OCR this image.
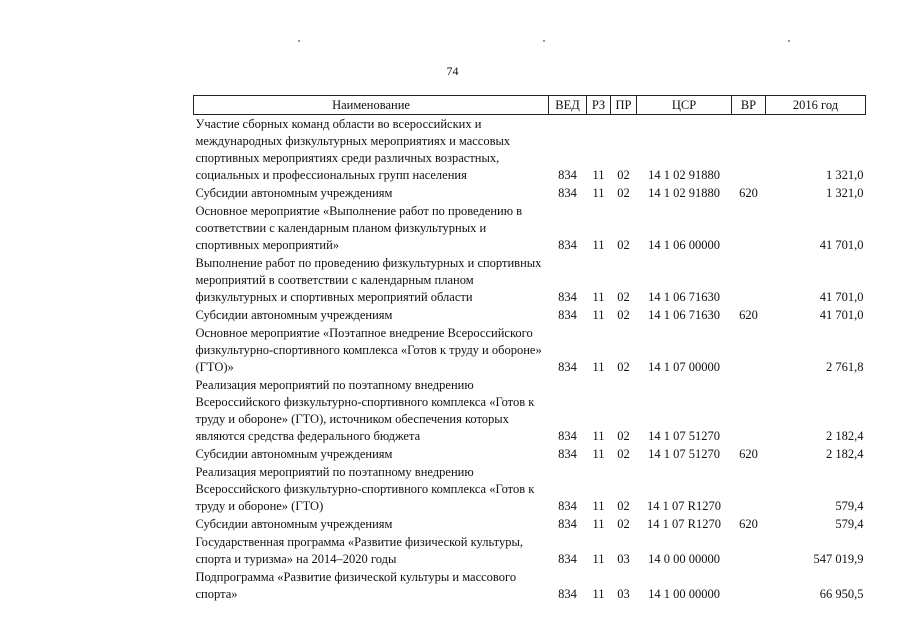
74
Наименование	ВЕД	РЗ	ПР	ЦСР	ВР	2016 год
Участие сборных команд области во всероссийских и международных физкультурных мероприятиях и массовых спортивных мероприятиях среди различных возрастных, социальных и профессиональных групп населения	834	11	02	14 1 02 91880		1 321,0
Субсидии автономным учреждениям	834	11	02	14 1 02 91880	620	1 321,0
Основное мероприятие «Выполнение работ по проведению в соответствии с календарным планом физкультурных и спортивных мероприятий»	834	11	02	14 1 06 00000		41 701,0
Выполнение работ по проведению физкультурных и спортивных мероприятий в соответствии с календарным планом физкультурных и спортивных мероприятий области	834	11	02	14 1 06 71630		41 701,0
Субсидии автономным учреждениям	834	11	02	14 1 06 71630	620	41 701,0
Основное мероприятие «Поэтапное внедрение Всероссийского физкультурно-спортивного комплекса «Готов к труду и обороне» (ГТО)»	834	11	02	14 1 07 00000		2 761,8
Реализация мероприятий по поэтапному внедрению Всероссийского физкультурно-спортивного комплекса «Готов к труду и обороне» (ГТО), источником обеспечения которых являются средства федерального бюджета	834	11	02	14 1 07 51270		2 182,4
Субсидии автономным учреждениям	834	11	02	14 1 07 51270	620	2 182,4
Реализация мероприятий по поэтапному внедрению Всероссийского физкультурно-спортивного комплекса «Готов к труду и обороне» (ГТО)	834	11	02	14 1 07 R1270		579,4
Субсидии автономным учреждениям	834	11	02	14 1 07 R1270	620	579,4
Государственная программа «Развитие физической культуры, спорта и туризма» на 2014–2020 годы	834	11	03	14 0 00 00000		547 019,9
Подпрограмма «Развитие физической культуры и массового спорта»	834	11	03	14 1 00 00000		66 950,5
